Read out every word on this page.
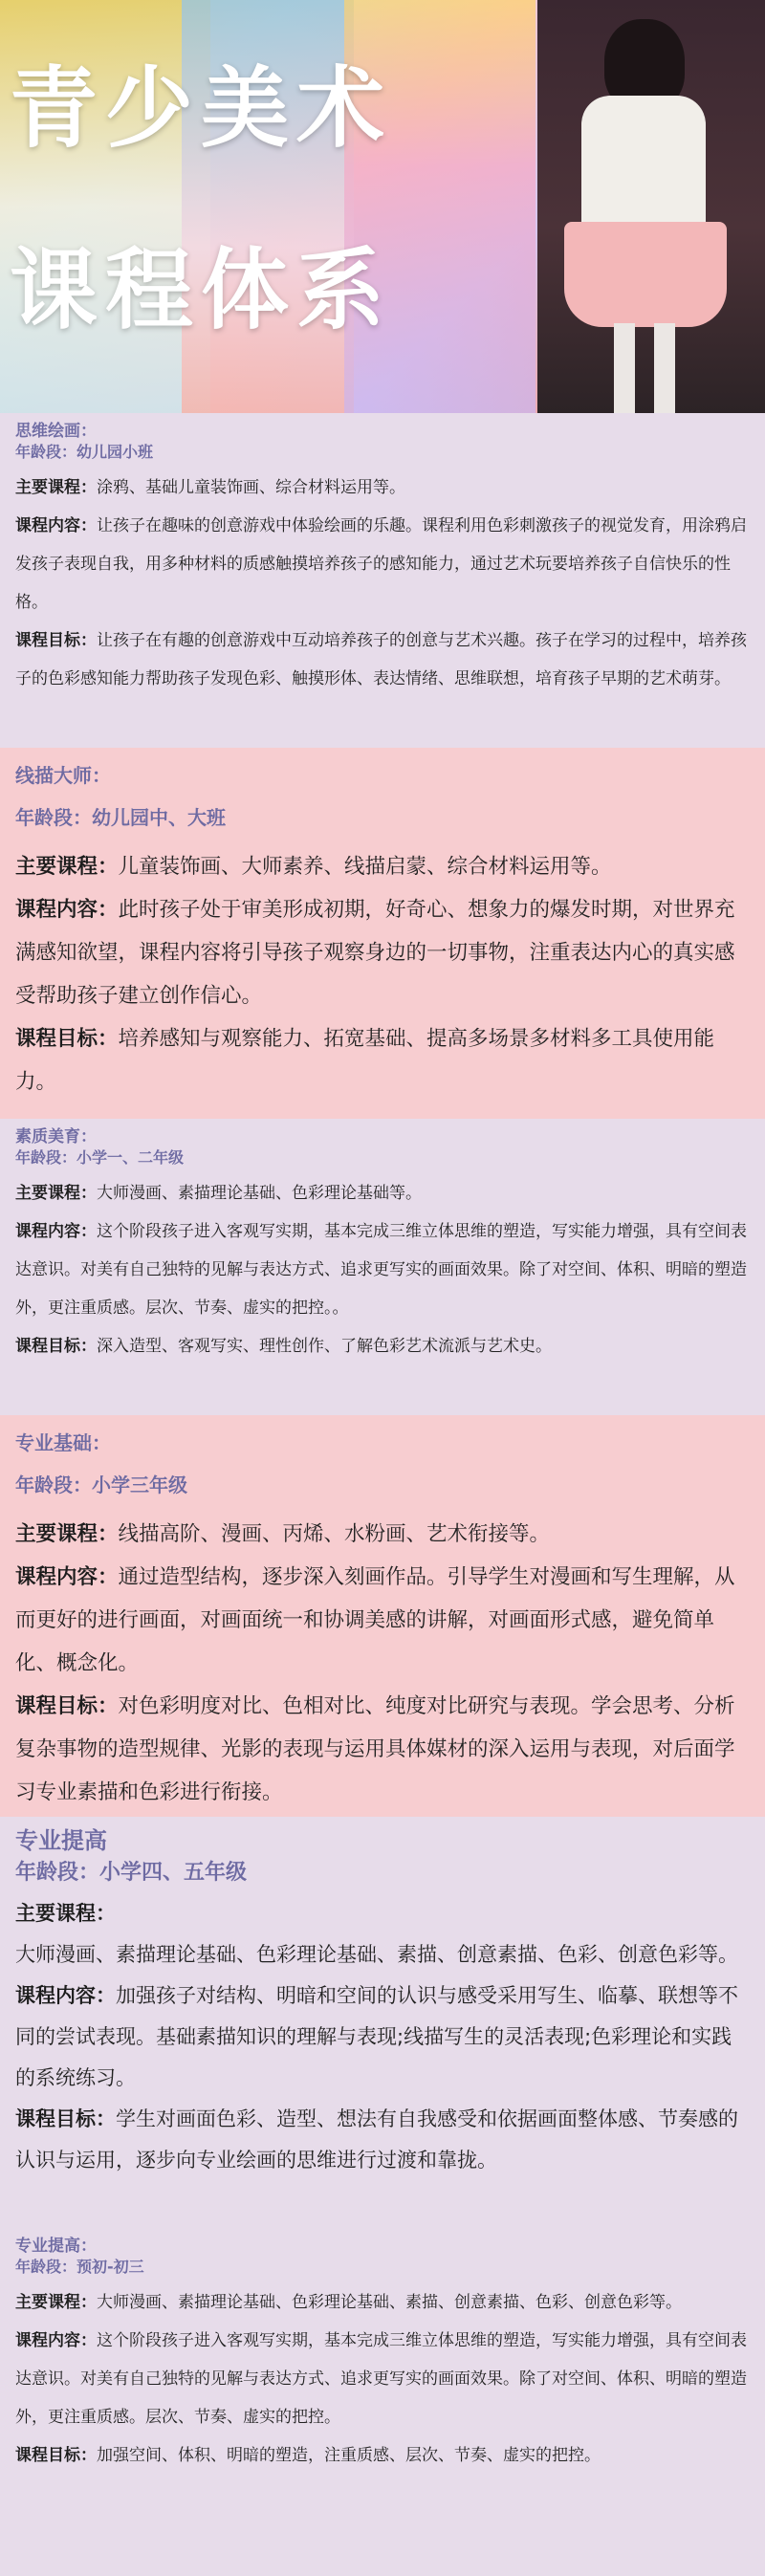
青少美术
课程体系
思维绘画：
年龄段：幼儿园小班
主要课程：涂鸦、基础儿童装饰画、综合材料运用等。
课程内容：让孩子在趣味的创意游戏中体验绘画的乐趣。课程利用色彩刺激孩子的视觉发育，用涂鸦启发孩子表现自我，用多种材料的质感触摸培养孩子的感知能力，通过艺术玩要培养孩子自信快乐的性格。
课程目标：让孩子在有趣的创意游戏中互动培养孩子的创意与艺术兴趣。孩子在学习的过程中，培养孩子的色彩感知能力帮助孩子发现色彩、触摸形体、表达情绪、思维联想，培育孩子早期的艺术萌芽。
线描大师：
年龄段：幼儿园中、大班
主要课程：儿童装饰画、大师素养、线描启蒙、综合材料运用等。
课程内容：此时孩子处于审美形成初期，好奇心、想象力的爆发时期，对世界充满感知欲望，课程内容将引导孩子观察身边的一切事物，注重表达内心的真实感受帮助孩子建立创作信心。
课程目标：培养感知与观察能力、拓宽基础、提高多场景多材料多工具使用能力。
素质美育：
年龄段：小学一、二年级
主要课程：大师漫画、素描理论基础、色彩理论基础等。
课程内容：这个阶段孩子进入客观写实期，基本完成三维立体思维的塑造，写实能力增强，具有空间表达意识。对美有自己独特的见解与表达方式、追求更写实的画面效果。除了对空间、体积、明暗的塑造外，更注重质感。层次、节奏、虚实的把控。。
课程目标：深入造型、客观写实、理性创作、了解色彩艺术流派与艺术史。
专业基础：
年龄段：小学三年级
主要课程：线描高阶、漫画、丙烯、水粉画、艺术衔接等。
课程内容：通过造型结构，逐步深入刻画作品。引导学生对漫画和写生理解，从而更好的进行画面，对画面统一和协调美感的讲解，对画面形式感，避免简单化、概念化。
课程目标：对色彩明度对比、色相对比、纯度对比研究与表现。学会思考、分析复杂事物的造型规律、光影的表现与运用具体媒材的深入运用与表现，对后面学习专业素描和色彩进行衔接。
专业提高
年龄段：小学四、五年级
主要课程：
大师漫画、素描理论基础、色彩理论基础、素描、创意素描、色彩、创意色彩等。
课程内容：加强孩子对结构、明暗和空间的认识与感受采用写生、临摹、联想等不同的尝试表现。基础素描知识的理解与表现;线描写生的灵活表现;色彩理论和实践的系统练习。
课程目标：学生对画面色彩、造型、想法有自我感受和依据画面整体感、节奏感的认识与运用，逐步向专业绘画的思维进行过渡和靠拢。
专业提高：
年龄段：预初-初三
主要课程：大师漫画、素描理论基础、色彩理论基础、素描、创意素描、色彩、创意色彩等。
课程内容：这个阶段孩子进入客观写实期，基本完成三维立体思维的塑造，写实能力增强，具有空间表达意识。对美有自己独特的见解与表达方式、追求更写实的画面效果。除了对空间、体积、明暗的塑造外，更注重质感。层次、节奏、虚实的把控。
课程目标：加强空间、体积、明暗的塑造，注重质感、层次、节奏、虚实的把控。
